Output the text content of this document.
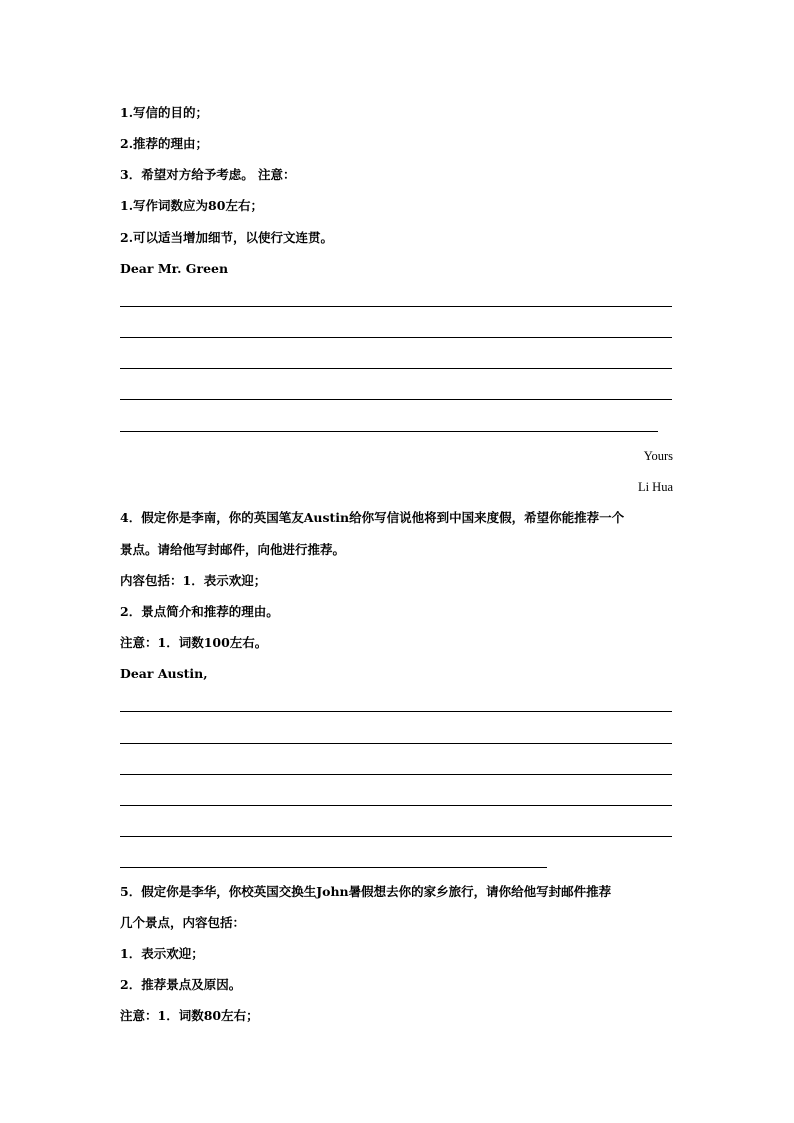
1.写信的目的；
2.推荐的理由；
3．希望对方给予考虑。 注意：
1.写作词数应为80左右；
2.可以适当增加细节，以使行文连贯。
Dear Mr. Green
Yours
Li Hua
4．假定你是李南，你的英国笔友Austin给你写信说他将到中国来度假，希望你能推荐一个
景点。请给他写封邮件，向他进行推荐。
内容包括：1．表示欢迎；
2．景点简介和推荐的理由。
注意：1．词数100左右。
Dear Austin,
5．假定你是李华，你校英国交换生John暑假想去你的家乡旅行，请你给他写封邮件推荐
几个景点，内容包括：
1．表示欢迎；
2．推荐景点及原因。
注意：1．词数80左右；
